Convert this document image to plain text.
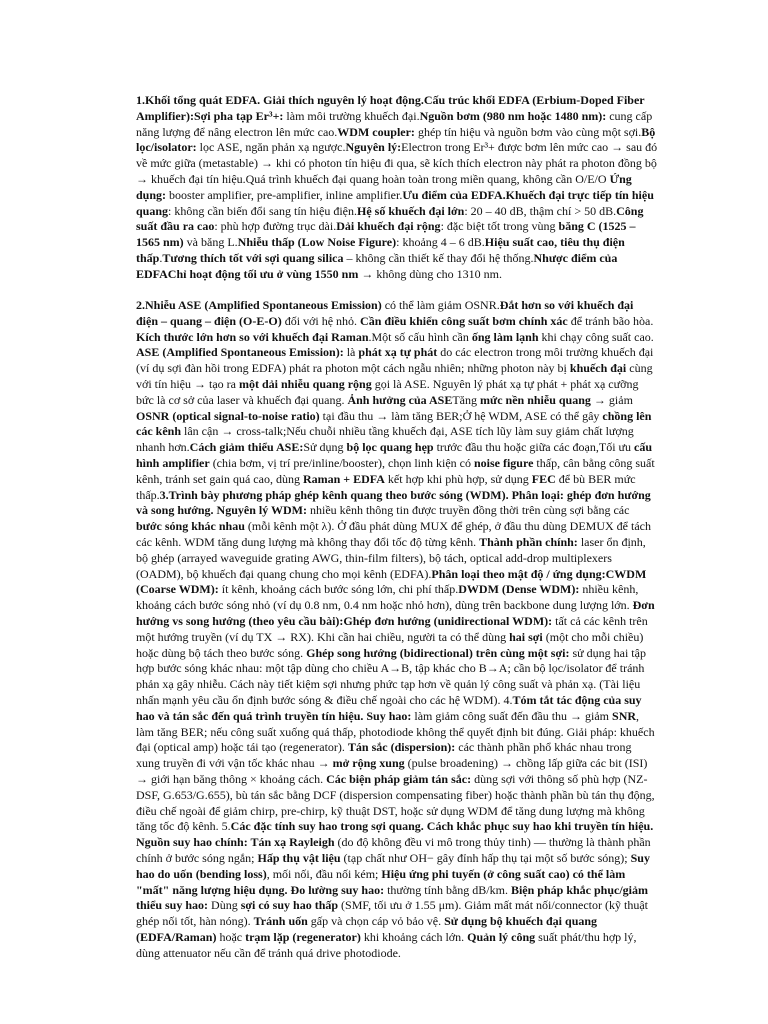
1.Khối tổng quát EDFA. Giải thích nguyên lý hoạt động.Cấu trúc khối EDFA (Erbium-Doped Fiber Amplifier):Sợi pha tạp Er³+: làm môi trường khuếch đại.Nguồn bơm (980 nm hoặc 1480 nm): cung cấp năng lượng để nâng electron lên mức cao.WDM coupler: ghép tín hiệu và nguồn bơm vào cùng một sợi.Bộ lọc/isolator: lọc ASE, ngăn phản xạ ngược.Nguyên lý:Electron trong Er³+ được bơm lên mức cao → sau đó về mức giữa (metastable) → khi có photon tín hiệu đi qua, sẽ kích thích electron này phát ra photon đồng bộ → khuếch đại tín hiệu.Quá trình khuếch đại quang hoàn toàn trong miền quang, không cần O/E/O Ứng dụng: booster amplifier, pre-amplifier, inline amplifier.Ưu điểm của EDFA.Khuếch đại trực tiếp tín hiệu quang: không cần biến đổi sang tín hiệu điện.Hệ số khuếch đại lớn: 20 – 40 dB, thậm chí > 50 dB.Công suất đầu ra cao: phù hợp đường trục dài.Dải khuếch đại rộng: đặc biệt tốt trong vùng băng C (1525 – 1565 nm) và băng L.Nhiễu thấp (Low Noise Figure): khoảng 4 – 6 dB.Hiệu suất cao, tiêu thụ điện thấp.Tương thích tốt với sợi quang silica – không cần thiết kế thay đổi hệ thống.Nhược điểm của EDFAChỉ hoạt động tối ưu ở vùng 1550 nm → không dùng cho 1310 nm.

2.Nhiễu ASE (Amplified Spontaneous Emission) có thể làm giảm OSNR.Đắt hơn so với khuếch đại điện – quang – điện (O-E-O) đối với hệ nhỏ. Cần điều khiển công suất bơm chính xác để tránh bão hòa. Kích thước lớn hơn so với khuếch đại Raman.Một số cấu hình cần ống làm lạnh khi chạy công suất cao. ASE (Amplified Spontaneous Emission): là phát xạ tự phát do các electron trong môi trường khuếch đại (ví dụ sợi đàn hồi trong EDFA) phát ra photon một cách ngẫu nhiên; những photon này bị khuếch đại cùng với tín hiệu → tạo ra một dải nhiễu quang rộng gọi là ASE. Nguyên lý phát xạ tự phát + phát xạ cưỡng bức là cơ sở của laser và khuếch đại quang. Ảnh hưởng của ASETăng mức nền nhiễu quang → giảm OSNR (optical signal-to-noise ratio) tại đầu thu → làm tăng BER;Ở hệ WDM, ASE có thể gây chồng lên các kênh lân cận → cross-talk;Nếu chuỗi nhiều tầng khuếch đại, ASE tích lũy làm suy giảm chất lượng nhanh hơn.Cách giảm thiểu ASE:Sử dụng bộ lọc quang hẹp trước đầu thu hoặc giữa các đoạn,Tối ưu cấu hình amplifier (chia bơm, vị trí pre/inline/booster), chọn linh kiện có noise figure thấp, cân bằng công suất kênh, tránh set gain quá cao, dùng Raman + EDFA kết hợp khi phù hợp, sử dụng FEC để bù BER mức thấp.3.Trình bày phương pháp ghép kênh quang theo bước sóng (WDM). Phân loại: ghép đơn hướng và song hướng. Nguyên lý WDM: nhiều kênh thông tin được truyền đồng thời trên cùng sợi bằng các bước sóng khác nhau (mỗi kênh một λ). Ở đầu phát dùng MUX để ghép, ở đầu thu dùng DEMUX để tách các kênh. WDM tăng dung lượng mà không thay đổi tốc độ từng kênh. Thành phần chính: laser ổn định, bộ ghép (arrayed waveguide grating AWG, thin-film filters), bộ tách, optical add-drop multiplexers (OADM), bộ khuếch đại quang chung cho mọi kênh (EDFA).Phân loại theo mật độ / ứng dụng:CWDM (Coarse WDM): ít kênh, khoảng cách bước sóng lớn, chi phí thấp.DWDM (Dense WDM): nhiều kênh, khoảng cách bước sóng nhỏ (ví dụ 0.8 nm, 0.4 nm hoặc nhỏ hơn), dùng trên backbone dung lượng lớn. Đơn hướng vs song hướng (theo yêu cầu bài):Ghép đơn hướng (unidirectional WDM): tất cả các kênh trên một hướng truyền (ví dụ TX → RX). Khi cần hai chiều, người ta có thể dùng hai sợi (một cho mỗi chiều) hoặc dùng bộ tách theo bước sóng. Ghép song hướng (bidirectional) trên cùng một sợi: sử dụng hai tập hợp bước sóng khác nhau: một tập dùng cho chiều A→B, tập khác cho B→A; cần bộ lọc/isolator để tránh phản xạ gây nhiễu. Cách này tiết kiệm sợi nhưng phức tạp hơn về quản lý công suất và phản xạ. (Tài liệu nhấn mạnh yêu cầu ổn định bước sóng & điều chế ngoài cho các hệ WDM). 4.Tóm tắt tác động của suy hao và tán sắc đến quá trình truyền tín hiệu. Suy hao: làm giảm công suất đến đầu thu → giảm SNR, làm tăng BER; nếu công suất xuống quá thấp, photodiode không thể quyết định bit đúng. Giải pháp: khuếch đại (optical amp) hoặc tái tạo (regenerator). Tán sắc (dispersion): các thành phần phổ khác nhau trong xung truyền đi với vận tốc khác nhau → mở rộng xung (pulse broadening) → chồng lấp giữa các bit (ISI) → giới hạn băng thông × khoảng cách. Các biện pháp giảm tán sắc: dùng sợi với thông số phù hợp (NZ-DSF, G.653/G.655), bù tán sắc bằng DCF (dispersion compensating fiber) hoặc thành phần bù tán thụ động, điều chế ngoài để giảm chirp, pre-chirp, kỹ thuật DST, hoặc sử dụng WDM để tăng dung lượng mà không tăng tốc độ kênh. 5.Các đặc tính suy hao trong sợi quang. Cách khắc phục suy hao khi truyền tín hiệu. Nguồn suy hao chính: Tán xạ Rayleigh (do độ không đều vi mô trong thủy tinh) — thường là thành phần chính ở bước sóng ngắn; Hấp thụ vật liệu (tạp chất như OH− gây đỉnh hấp thụ tại một số bước sóng); Suy hao do uốn (bending loss), mối nối, đầu nối kém; Hiệu ứng phi tuyến (ở công suất cao) có thể làm "mất" năng lượng hiệu dụng. Đo lường suy hao: thường tính bằng dB/km. Biện pháp khắc phục/giảm thiểu suy hao: Dùng sợi có suy hao thấp (SMF, tối ưu ở 1.55 μm). Giảm mất mát nối/connector (kỹ thuật ghép nối tốt, hàn nóng). Tránh uốn gấp và chọn cáp vỏ bảo vệ. Sử dụng bộ khuếch đại quang (EDFA/Raman) hoặc trạm lặp (regenerator) khi khoảng cách lớn. Quản lý công suất phát/thu hợp lý, dùng attenuator nếu cần để tránh quá drive photodiode.
